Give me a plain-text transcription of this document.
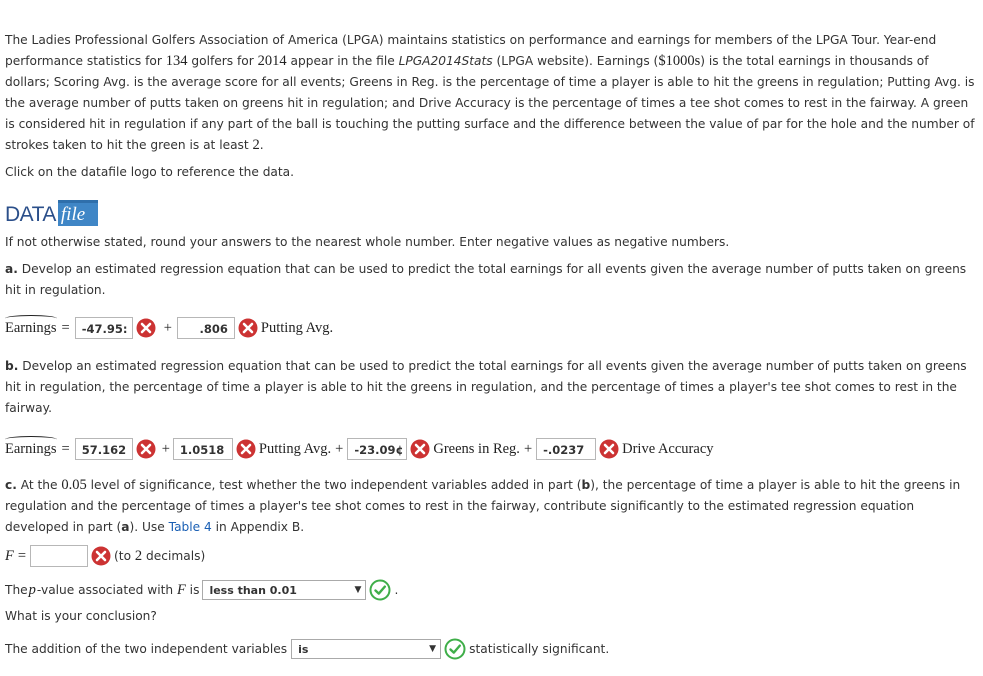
The Ladies Professional Golfers Association of America (LPGA) maintains statistics on performance and earnings for members of the LPGA Tour. Year-end performance statistics for 134 golfers for 2014 appear in the file LPGA2014Stats (LPGA website). Earnings ($1000s) is the total earnings in thousands of dollars; Scoring Avg. is the average score for all events; Greens in Reg. is the percentage of time a player is able to hit the greens in regulation; Putting Avg. is the average number of putts taken on greens hit in regulation; and Drive Accuracy is the percentage of times a tee shot comes to rest in the fairway. A green is considered hit in regulation if any part of the ball is touching the putting surface and the difference between the value of par for the hole and the number of strokes taken to hit the green is at least 2.

Click on the datafile logo to reference the data.

DATA file

If not otherwise stated, round your answers to the nearest whole number. Enter negative values as negative numbers.

a. Develop an estimated regression equation that can be used to predict the total earnings for all events given the average number of putts taken on greens hit in regulation.

Earnings =	-47.95:	+	.806	Putting Avg.

b. Develop an estimated regression equation that can be used to predict the total earnings for all events given the average number of putts taken on greens hit in regulation, the percentage of time a player is able to hit the greens in regulation, and the percentage of times a player's tee shot comes to rest in the fairway.

Earnings =	57.162	+ 1.0518	Putting Avg. + -23.09¢ Greens in Reg. + -.0237	Drive Accuracy

c. At the 0.05 level of significance, test whether the two independent variables added in part (b), the percentage of time a player is able to hit the greens in regulation and the percentage of times a player's tee shot comes to rest in the fairway, contribute significantly to the estimated regression equation developed in part (a). Use Table 4 in Appendix B.

F =	(to 2 decimals)
The p -value associated with F is less than 0.01	▼	.

What is your conclusion?

The addition of the two independent variables is	▼	statistically significant.
